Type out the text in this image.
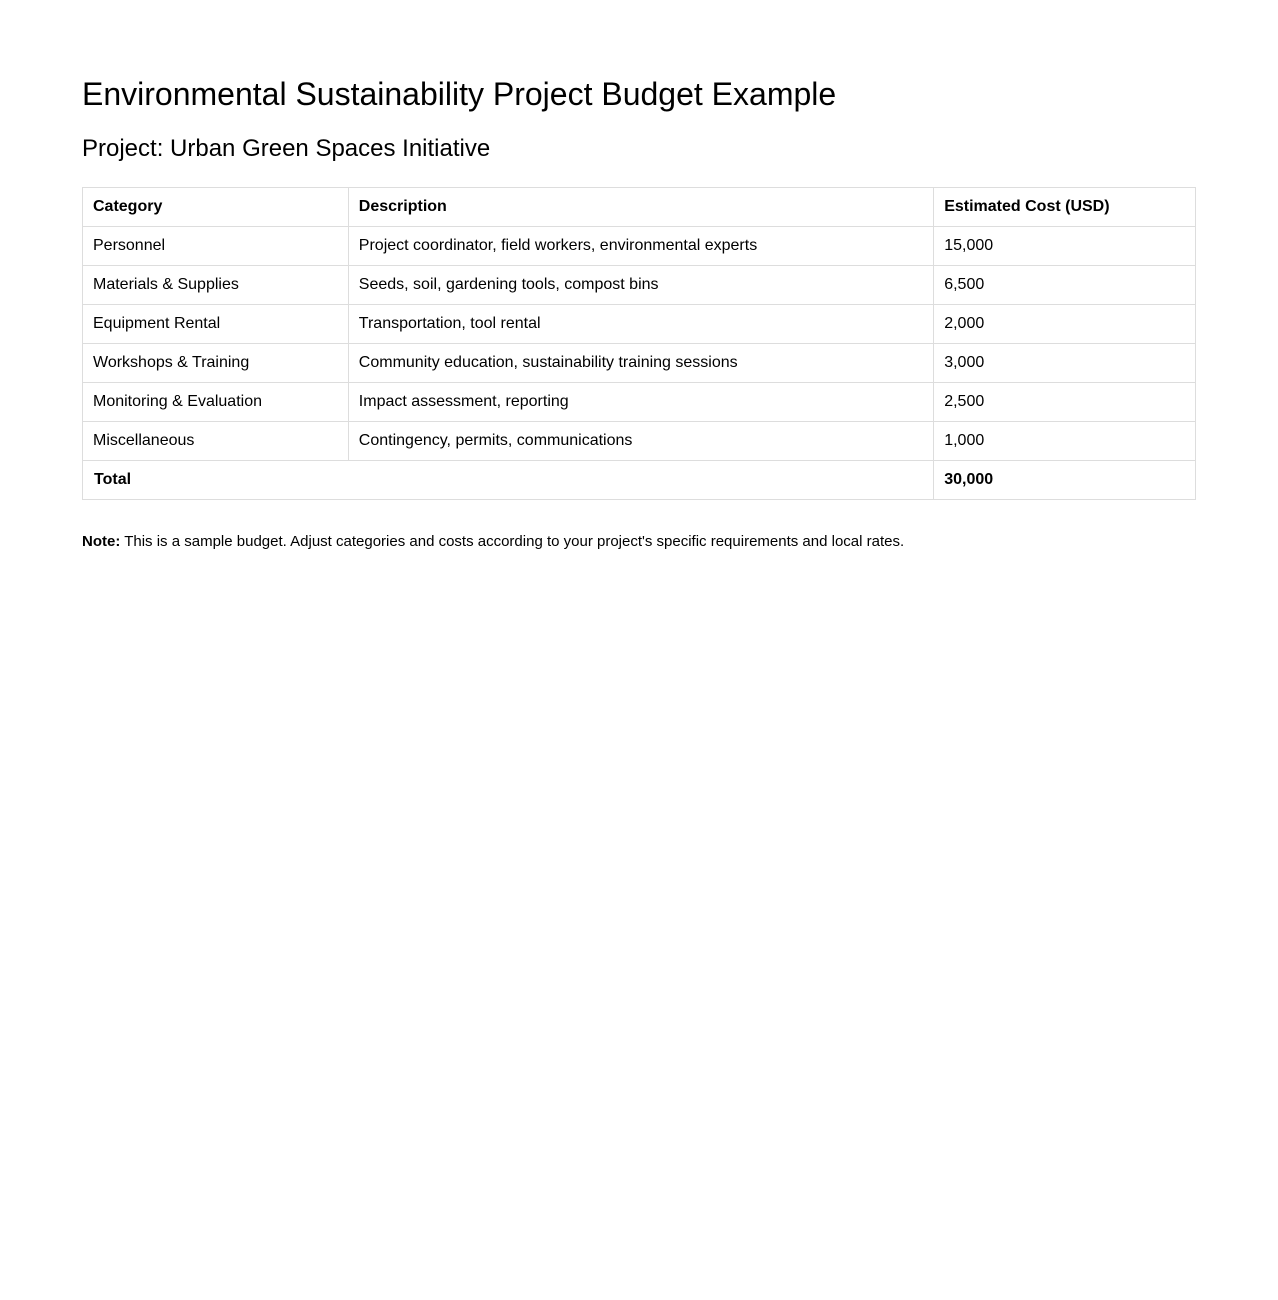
Environmental Sustainability Project Budget Example
Project: Urban Green Spaces Initiative
Category	Description	Estimated Cost (USD)
Personnel	Project coordinator, field workers, environmental experts	15,000
Materials & Supplies	Seeds, soil, gardening tools, compost bins	6,500
Equipment Rental	Transportation, tool rental	2,000
Workshops & Training	Community education, sustainability training sessions	3,000
Monitoring & Evaluation	Impact assessment, reporting	2,500
Miscellaneous	Contingency, permits, communications	1,000
Total		30,000

Note: This is a sample budget. Adjust categories and costs according to your project's specific requirements and local rates.
